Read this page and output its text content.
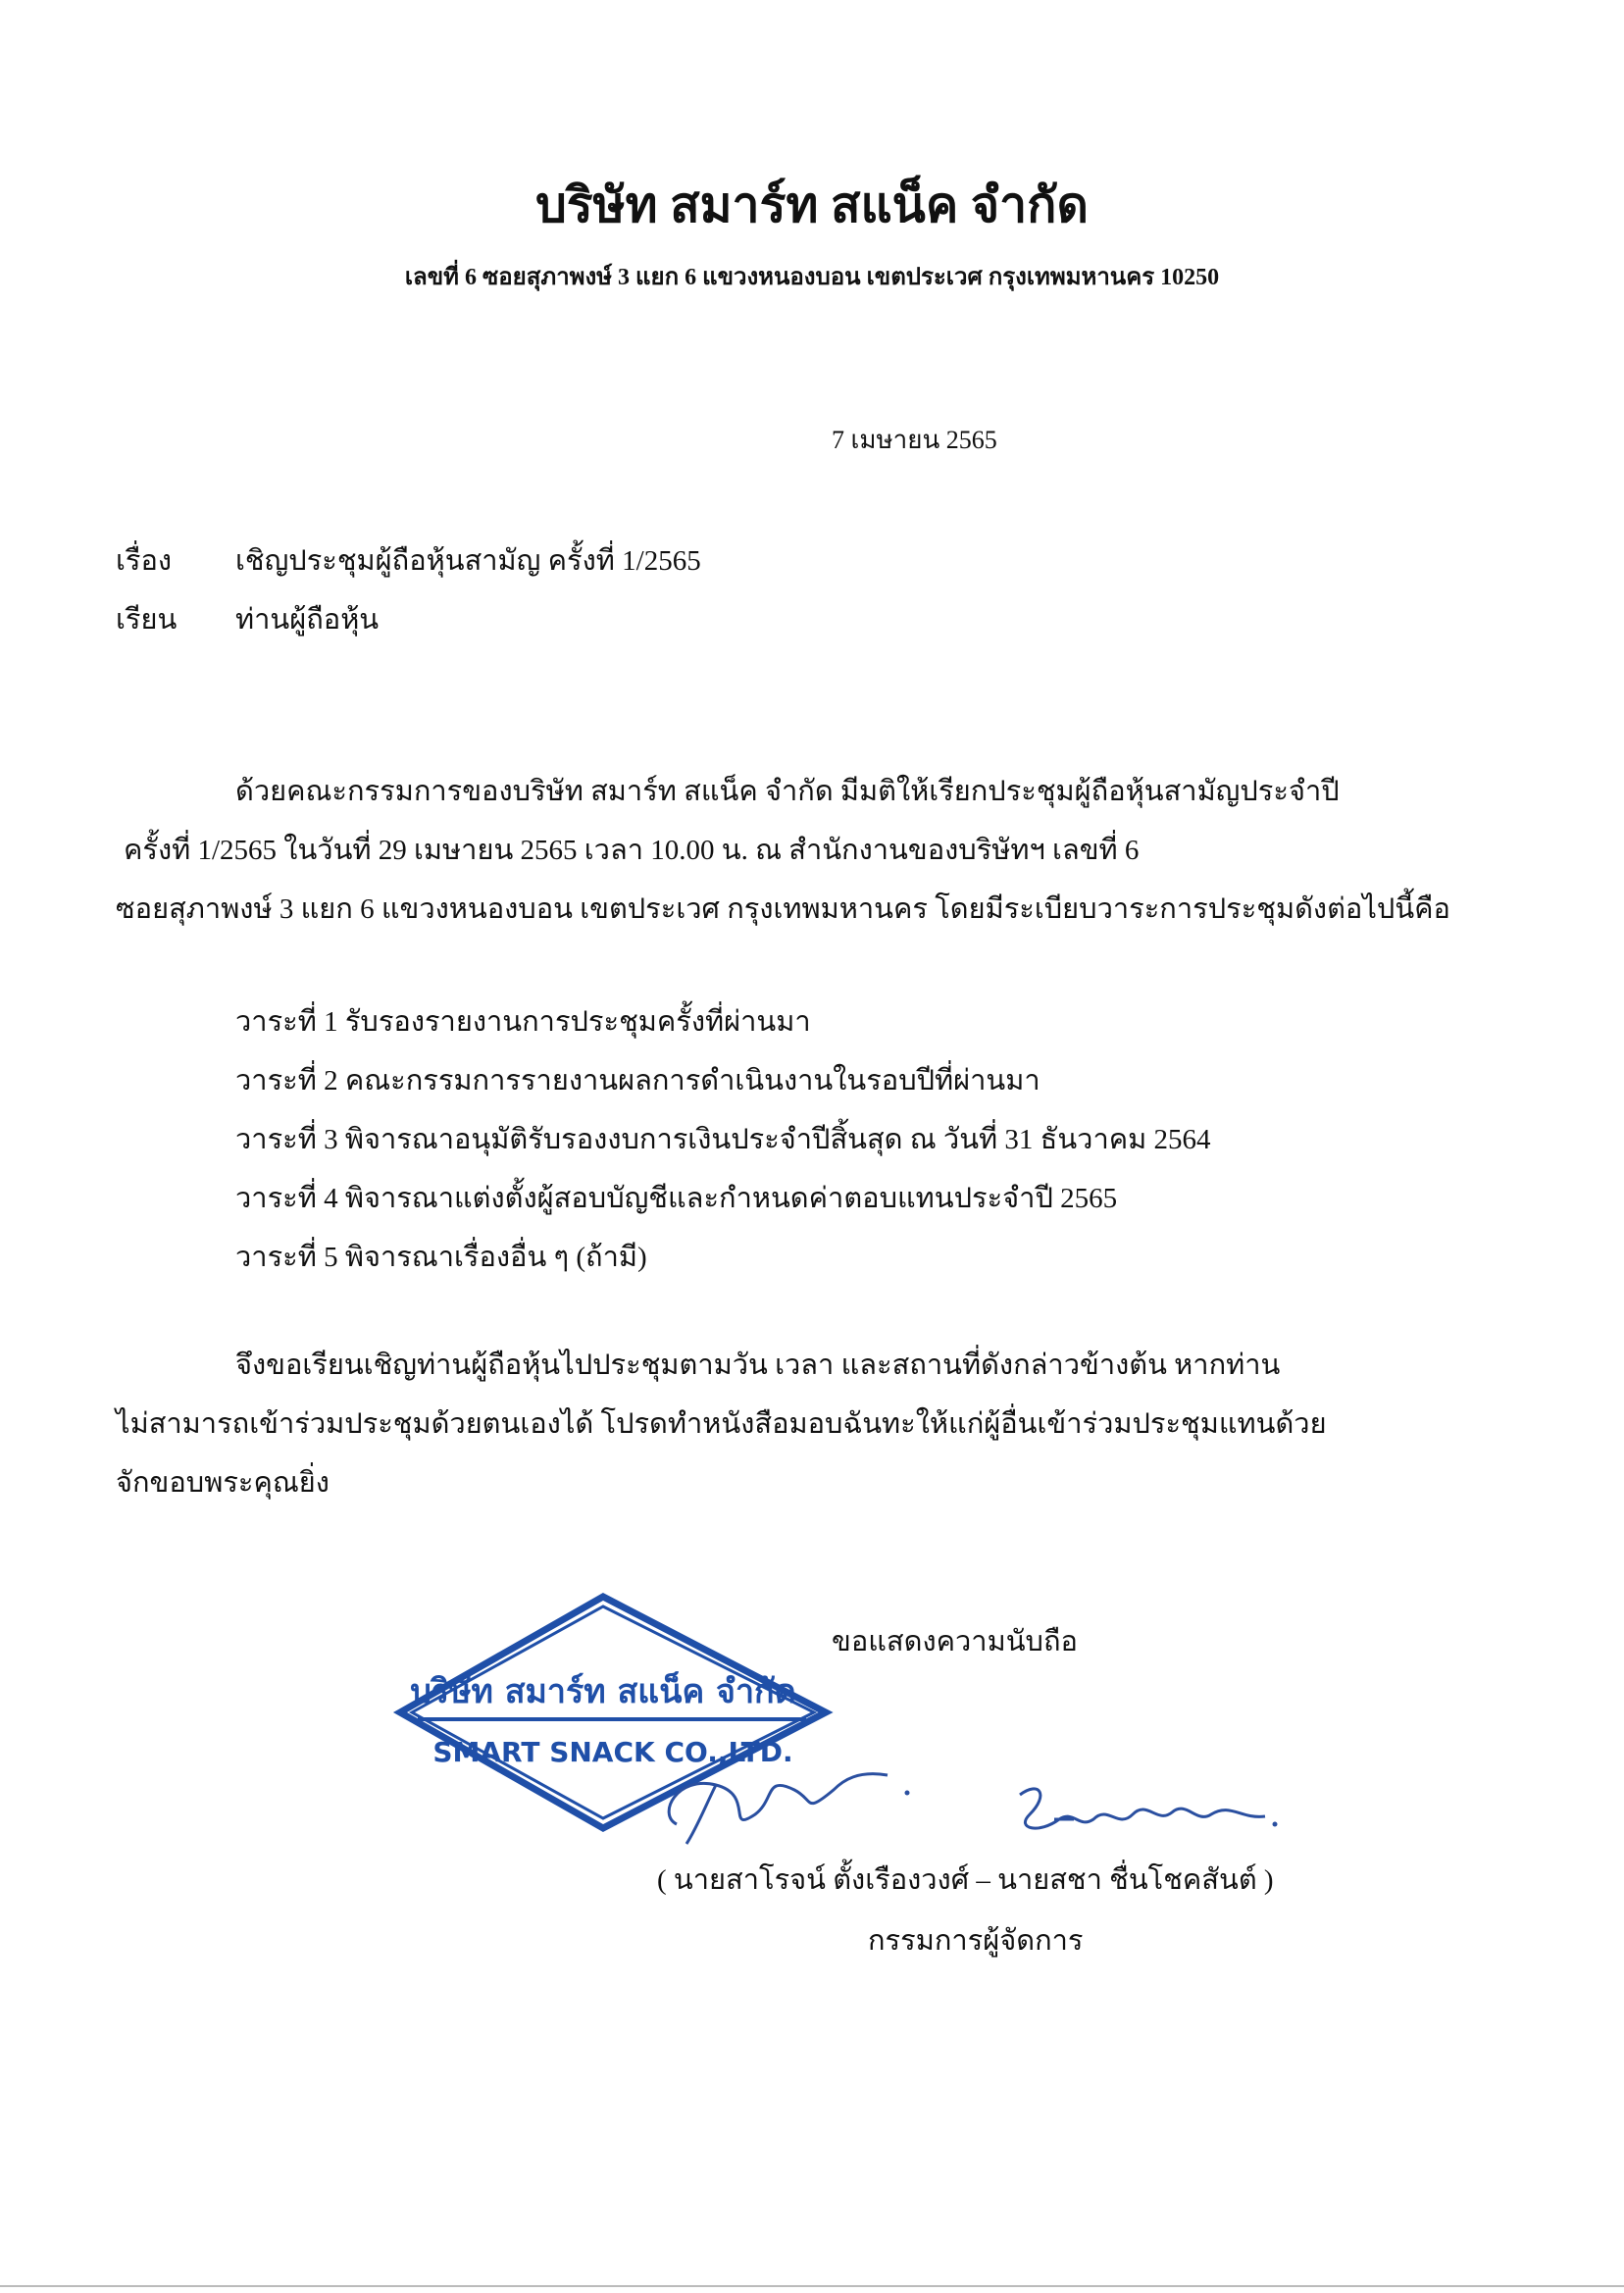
บริษัท สมาร์ท สแน็ค จำกัด
เลขที่ 6 ซอยสุภาพงษ์ 3 แยก 6 แขวงหนองบอน เขตประเวศ กรุงเทพมหานคร 10250
7 เมษายน 2565
เรื่อง เชิญประชุมผู้ถือหุ้นสามัญ ครั้งที่ 1/2565
เรียน ท่านผู้ถือหุ้น
ด้วยคณะกรรมการของบริษัท สมาร์ท สแน็ค จำกัด มีมติให้เรียกประชุมผู้ถือหุ้นสามัญประจำปี
ครั้งที่ 1/2565 ในวันที่ 29 เมษายน 2565 เวลา 10.00 น. ณ สำนักงานของบริษัทฯ เลขที่ 6
ซอยสุภาพงษ์ 3 แยก 6 แขวงหนองบอน เขตประเวศ กรุงเทพมหานคร โดยมีระเบียบวาระการประชุมดังต่อไปนี้คือ
วาระที่ 1 รับรองรายงานการประชุมครั้งที่ผ่านมา
วาระที่ 2 คณะกรรมการรายงานผลการดำเนินงานในรอบปีที่ผ่านมา
วาระที่ 3 พิจารณาอนุมัติรับรองงบการเงินประจำปีสิ้นสุด ณ วันที่ 31 ธันวาคม 2564
วาระที่ 4 พิจารณาแต่งตั้งผู้สอบบัญชีและกำหนดค่าตอบแทนประจำปี 2565
วาระที่ 5 พิจารณาเรื่องอื่น ๆ (ถ้ามี)
จึงขอเรียนเชิญท่านผู้ถือหุ้นไปประชุมตามวัน เวลา และสถานที่ดังกล่าวข้างต้น หากท่าน
ไม่สามารถเข้าร่วมประชุมด้วยตนเองได้ โปรดทำหนังสือมอบฉันทะให้แก่ผู้อื่นเข้าร่วมประชุมแทนด้วย
จักขอบพระคุณยิ่ง
ขอแสดงความนับถือ
บริษัท สมาร์ท สแน็ค จำกัด
SMART SNACK CO.,LTD.
( นายสาโรจน์ ตั้งเรืองวงศ์ – นายสชา ชื่นโชคสันต์ )
กรรมการผู้จัดการ
